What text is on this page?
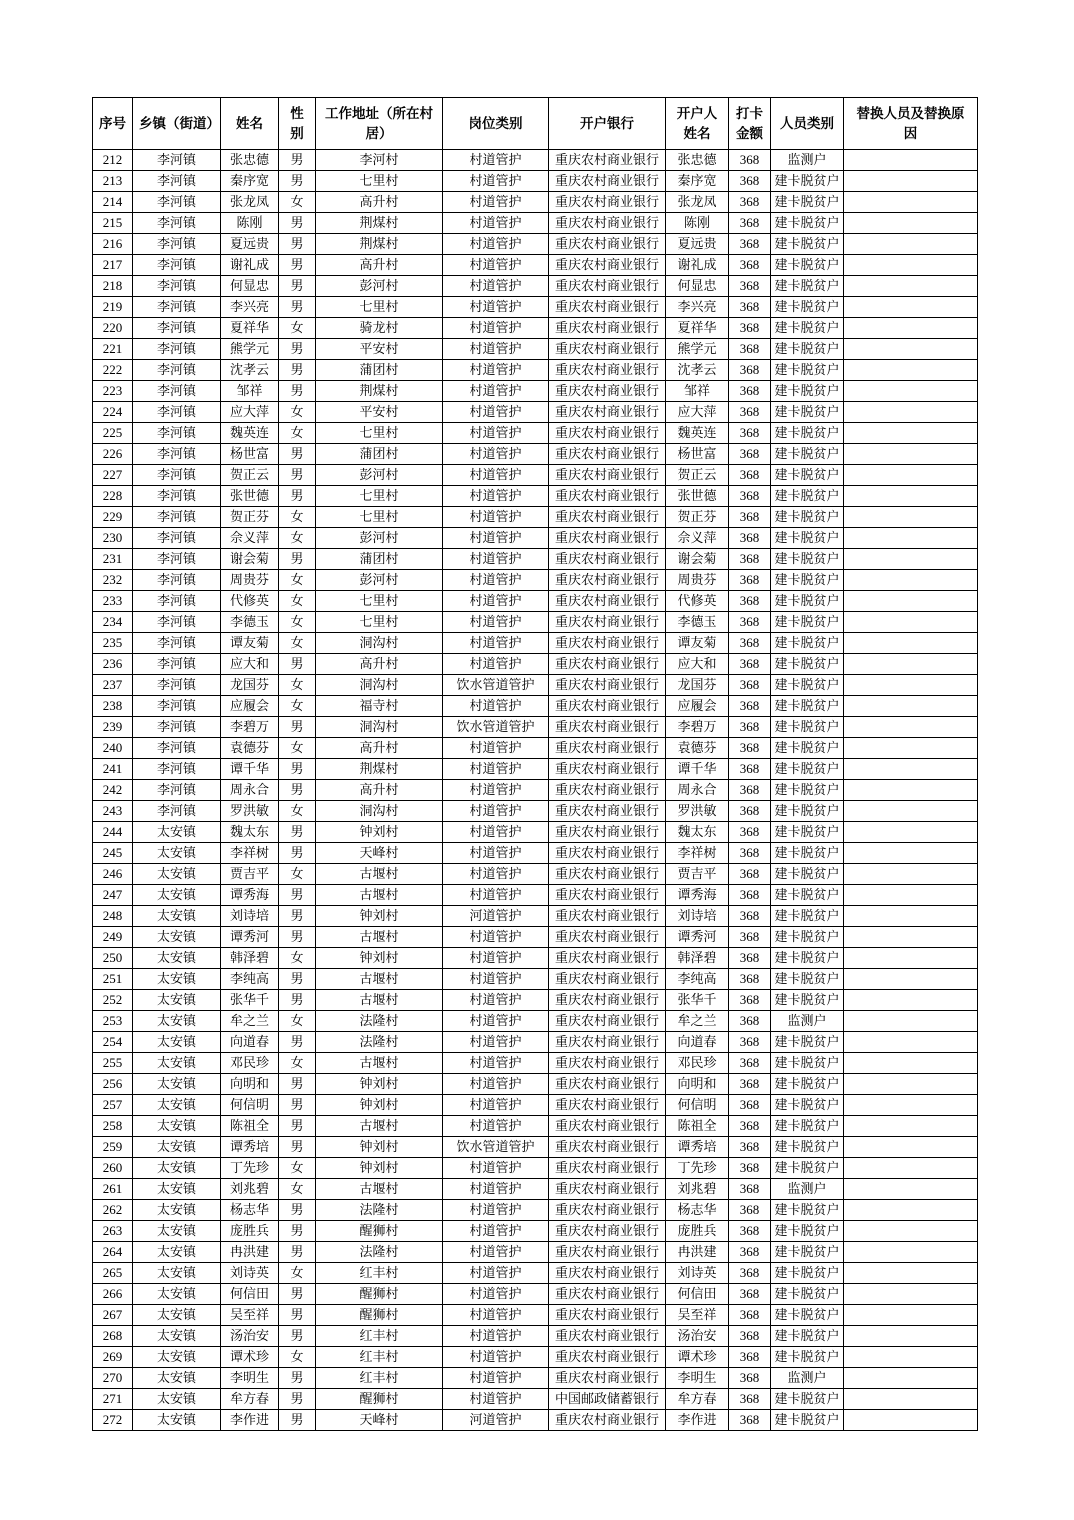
序号	乡镇（街道）	姓名	性别	工作地址（所在村居）	岗位类别	开户银行	开户人姓名	打卡金额	人员类别	替换人员及替换原因
212	李河镇	张忠德	男	李河村	村道管护	重庆农村商业银行	张忠德	368	监测户	
213	李河镇	秦序宽	男	七里村	村道管护	重庆农村商业银行	秦序宽	368	建卡脱贫户	
214	李河镇	张龙凤	女	高升村	村道管护	重庆农村商业银行	张龙凤	368	建卡脱贫户	
215	李河镇	陈刚	男	荆煤村	村道管护	重庆农村商业银行	陈刚	368	建卡脱贫户	
216	李河镇	夏远贵	男	荆煤村	村道管护	重庆农村商业银行	夏远贵	368	建卡脱贫户	
217	李河镇	谢礼成	男	高升村	村道管护	重庆农村商业银行	谢礼成	368	建卡脱贫户	
218	李河镇	何显忠	男	彭河村	村道管护	重庆农村商业银行	何显忠	368	建卡脱贫户	
219	李河镇	李兴亮	男	七里村	村道管护	重庆农村商业银行	李兴亮	368	建卡脱贫户	
220	李河镇	夏祥华	女	骑龙村	村道管护	重庆农村商业银行	夏祥华	368	建卡脱贫户	
221	李河镇	熊学元	男	平安村	村道管护	重庆农村商业银行	熊学元	368	建卡脱贫户	
222	李河镇	沈孝云	男	蒲团村	村道管护	重庆农村商业银行	沈孝云	368	建卡脱贫户	
223	李河镇	邹祥	男	荆煤村	村道管护	重庆农村商业银行	邹祥	368	建卡脱贫户	
224	李河镇	应大萍	女	平安村	村道管护	重庆农村商业银行	应大萍	368	建卡脱贫户	
225	李河镇	魏英连	女	七里村	村道管护	重庆农村商业银行	魏英连	368	建卡脱贫户	
226	李河镇	杨世富	男	蒲团村	村道管护	重庆农村商业银行	杨世富	368	建卡脱贫户	
227	李河镇	贺正云	男	彭河村	村道管护	重庆农村商业银行	贺正云	368	建卡脱贫户	
228	李河镇	张世德	男	七里村	村道管护	重庆农村商业银行	张世德	368	建卡脱贫户	
229	李河镇	贺正芬	女	七里村	村道管护	重庆农村商业银行	贺正芬	368	建卡脱贫户	
230	李河镇	佘义萍	女	彭河村	村道管护	重庆农村商业银行	佘义萍	368	建卡脱贫户	
231	李河镇	谢会菊	男	蒲团村	村道管护	重庆农村商业银行	谢会菊	368	建卡脱贫户	
232	李河镇	周贵芬	女	彭河村	村道管护	重庆农村商业银行	周贵芬	368	建卡脱贫户	
233	李河镇	代修英	女	七里村	村道管护	重庆农村商业银行	代修英	368	建卡脱贫户	
234	李河镇	李德玉	女	七里村	村道管护	重庆农村商业银行	李德玉	368	建卡脱贫户	
235	李河镇	谭友菊	女	洞沟村	村道管护	重庆农村商业银行	谭友菊	368	建卡脱贫户	
236	李河镇	应大和	男	高升村	村道管护	重庆农村商业银行	应大和	368	建卡脱贫户	
237	李河镇	龙国芬	女	洞沟村	饮水管道管护	重庆农村商业银行	龙国芬	368	建卡脱贫户	
238	李河镇	应履会	女	福寺村	村道管护	重庆农村商业银行	应履会	368	建卡脱贫户	
239	李河镇	李碧万	男	洞沟村	饮水管道管护	重庆农村商业银行	李碧万	368	建卡脱贫户	
240	李河镇	袁德芬	女	高升村	村道管护	重庆农村商业银行	袁德芬	368	建卡脱贫户	
241	李河镇	谭千华	男	荆煤村	村道管护	重庆农村商业银行	谭千华	368	建卡脱贫户	
242	李河镇	周永合	男	高升村	村道管护	重庆农村商业银行	周永合	368	建卡脱贫户	
243	李河镇	罗洪敏	女	洞沟村	村道管护	重庆农村商业银行	罗洪敏	368	建卡脱贫户	
244	太安镇	魏太东	男	钟刘村	村道管护	重庆农村商业银行	魏太东	368	建卡脱贫户	
245	太安镇	李祥树	男	天峰村	村道管护	重庆农村商业银行	李祥树	368	建卡脱贫户	
246	太安镇	贾吉平	女	古堰村	村道管护	重庆农村商业银行	贾吉平	368	建卡脱贫户	
247	太安镇	谭秀海	男	古堰村	村道管护	重庆农村商业银行	谭秀海	368	建卡脱贫户	
248	太安镇	刘诗培	男	钟刘村	河道管护	重庆农村商业银行	刘诗培	368	建卡脱贫户	
249	太安镇	谭秀河	男	古堰村	村道管护	重庆农村商业银行	谭秀河	368	建卡脱贫户	
250	太安镇	韩泽碧	女	钟刘村	村道管护	重庆农村商业银行	韩泽碧	368	建卡脱贫户	
251	太安镇	李纯高	男	古堰村	村道管护	重庆农村商业银行	李纯高	368	建卡脱贫户	
252	太安镇	张华千	男	古堰村	村道管护	重庆农村商业银行	张华千	368	建卡脱贫户	
253	太安镇	牟之兰	女	法隆村	村道管护	重庆农村商业银行	牟之兰	368	监测户	
254	太安镇	向道春	男	法隆村	村道管护	重庆农村商业银行	向道春	368	建卡脱贫户	
255	太安镇	邓民珍	女	古堰村	村道管护	重庆农村商业银行	邓民珍	368	建卡脱贫户	
256	太安镇	向明和	男	钟刘村	村道管护	重庆农村商业银行	向明和	368	建卡脱贫户	
257	太安镇	何信明	男	钟刘村	村道管护	重庆农村商业银行	何信明	368	建卡脱贫户	
258	太安镇	陈祖全	男	古堰村	村道管护	重庆农村商业银行	陈祖全	368	建卡脱贫户	
259	太安镇	谭秀培	男	钟刘村	饮水管道管护	重庆农村商业银行	谭秀培	368	建卡脱贫户	
260	太安镇	丁先珍	女	钟刘村	村道管护	重庆农村商业银行	丁先珍	368	建卡脱贫户	
261	太安镇	刘兆碧	女	古堰村	村道管护	重庆农村商业银行	刘兆碧	368	监测户	
262	太安镇	杨志华	男	法隆村	村道管护	重庆农村商业银行	杨志华	368	建卡脱贫户	
263	太安镇	庞胜兵	男	醒狮村	村道管护	重庆农村商业银行	庞胜兵	368	建卡脱贫户	
264	太安镇	冉洪建	男	法隆村	村道管护	重庆农村商业银行	冉洪建	368	建卡脱贫户	
265	太安镇	刘诗英	女	红丰村	村道管护	重庆农村商业银行	刘诗英	368	建卡脱贫户	
266	太安镇	何信田	男	醒狮村	村道管护	重庆农村商业银行	何信田	368	建卡脱贫户	
267	太安镇	吴至祥	男	醒狮村	村道管护	重庆农村商业银行	吴至祥	368	建卡脱贫户	
268	太安镇	汤治安	男	红丰村	村道管护	重庆农村商业银行	汤治安	368	建卡脱贫户	
269	太安镇	谭术珍	女	红丰村	村道管护	重庆农村商业银行	谭术珍	368	建卡脱贫户	
270	太安镇	李明生	男	红丰村	村道管护	重庆农村商业银行	李明生	368	监测户	
271	太安镇	牟方春	男	醒狮村	村道管护	中国邮政储蓄银行	牟方春	368	建卡脱贫户	
272	太安镇	李作进	男	天峰村	河道管护	重庆农村商业银行	李作进	368	建卡脱贫户	
